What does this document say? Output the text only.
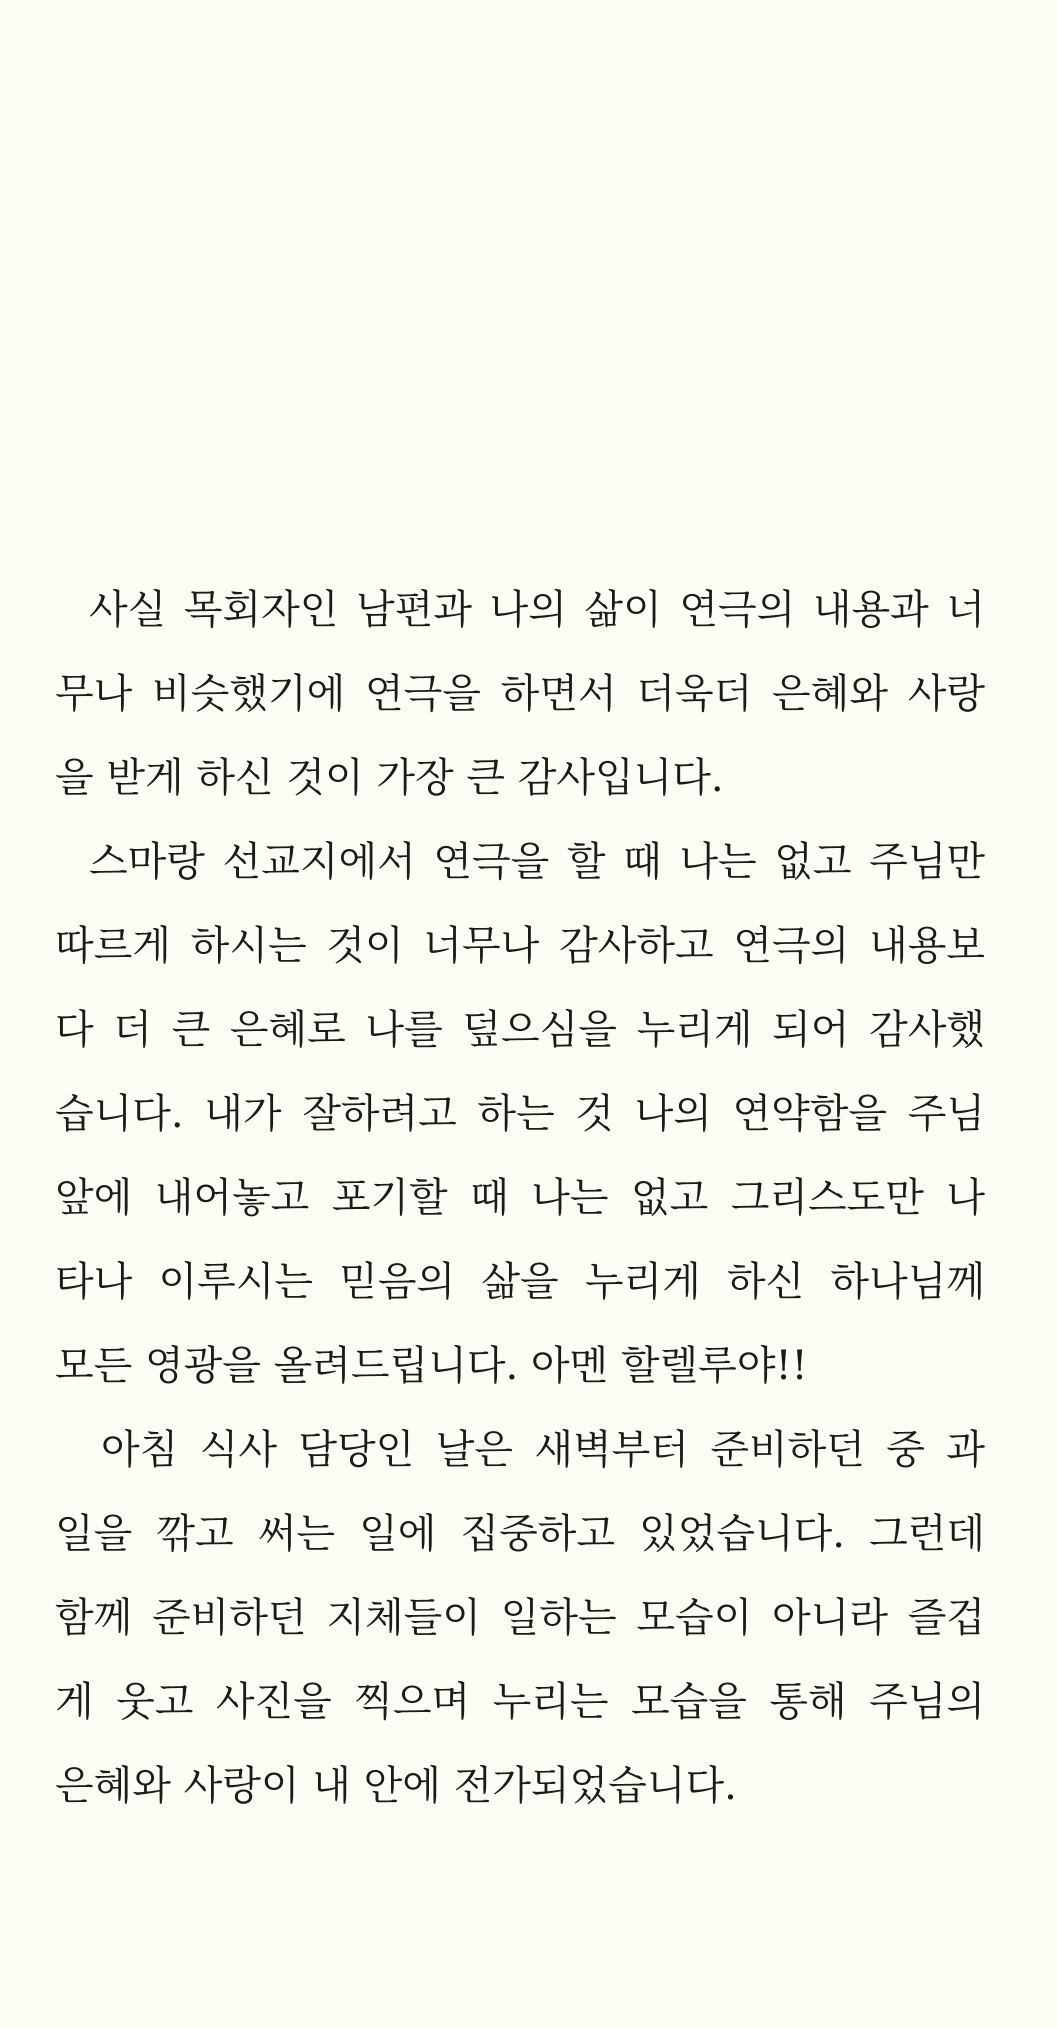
사실 목회자인 남편과 나의 삶이 연극의 내용과 너
무나 비슷했기에 연극을 하면서 더욱더 은혜와 사랑
을 받게 하신 것이 가장 큰 감사입니다.
스마랑 선교지에서 연극을 할 때 나는 없고 주님만
따르게 하시는 것이 너무나 감사하고 연극의 내용보
다 더 큰 은혜로 나를 덮으심을 누리게 되어 감사했
습니다. 내가 잘하려고 하는 것 나의 연약함을 주님
앞에 내어놓고 포기할 때 나는 없고 그리스도만 나
타나 이루시는 믿음의 삶을 누리게 하신 하나님께
모든 영광을 올려드립니다. 아멘 할렐루야!!
아침 식사 담당인 날은 새벽부터 준비하던 중 과
일을 깎고 써는 일에 집중하고 있었습니다. 그런데
함께 준비하던 지체들이 일하는 모습이 아니라 즐겁
게 웃고 사진을 찍으며 누리는 모습을 통해 주님의
은혜와 사랑이 내 안에 전가되었습니다.
